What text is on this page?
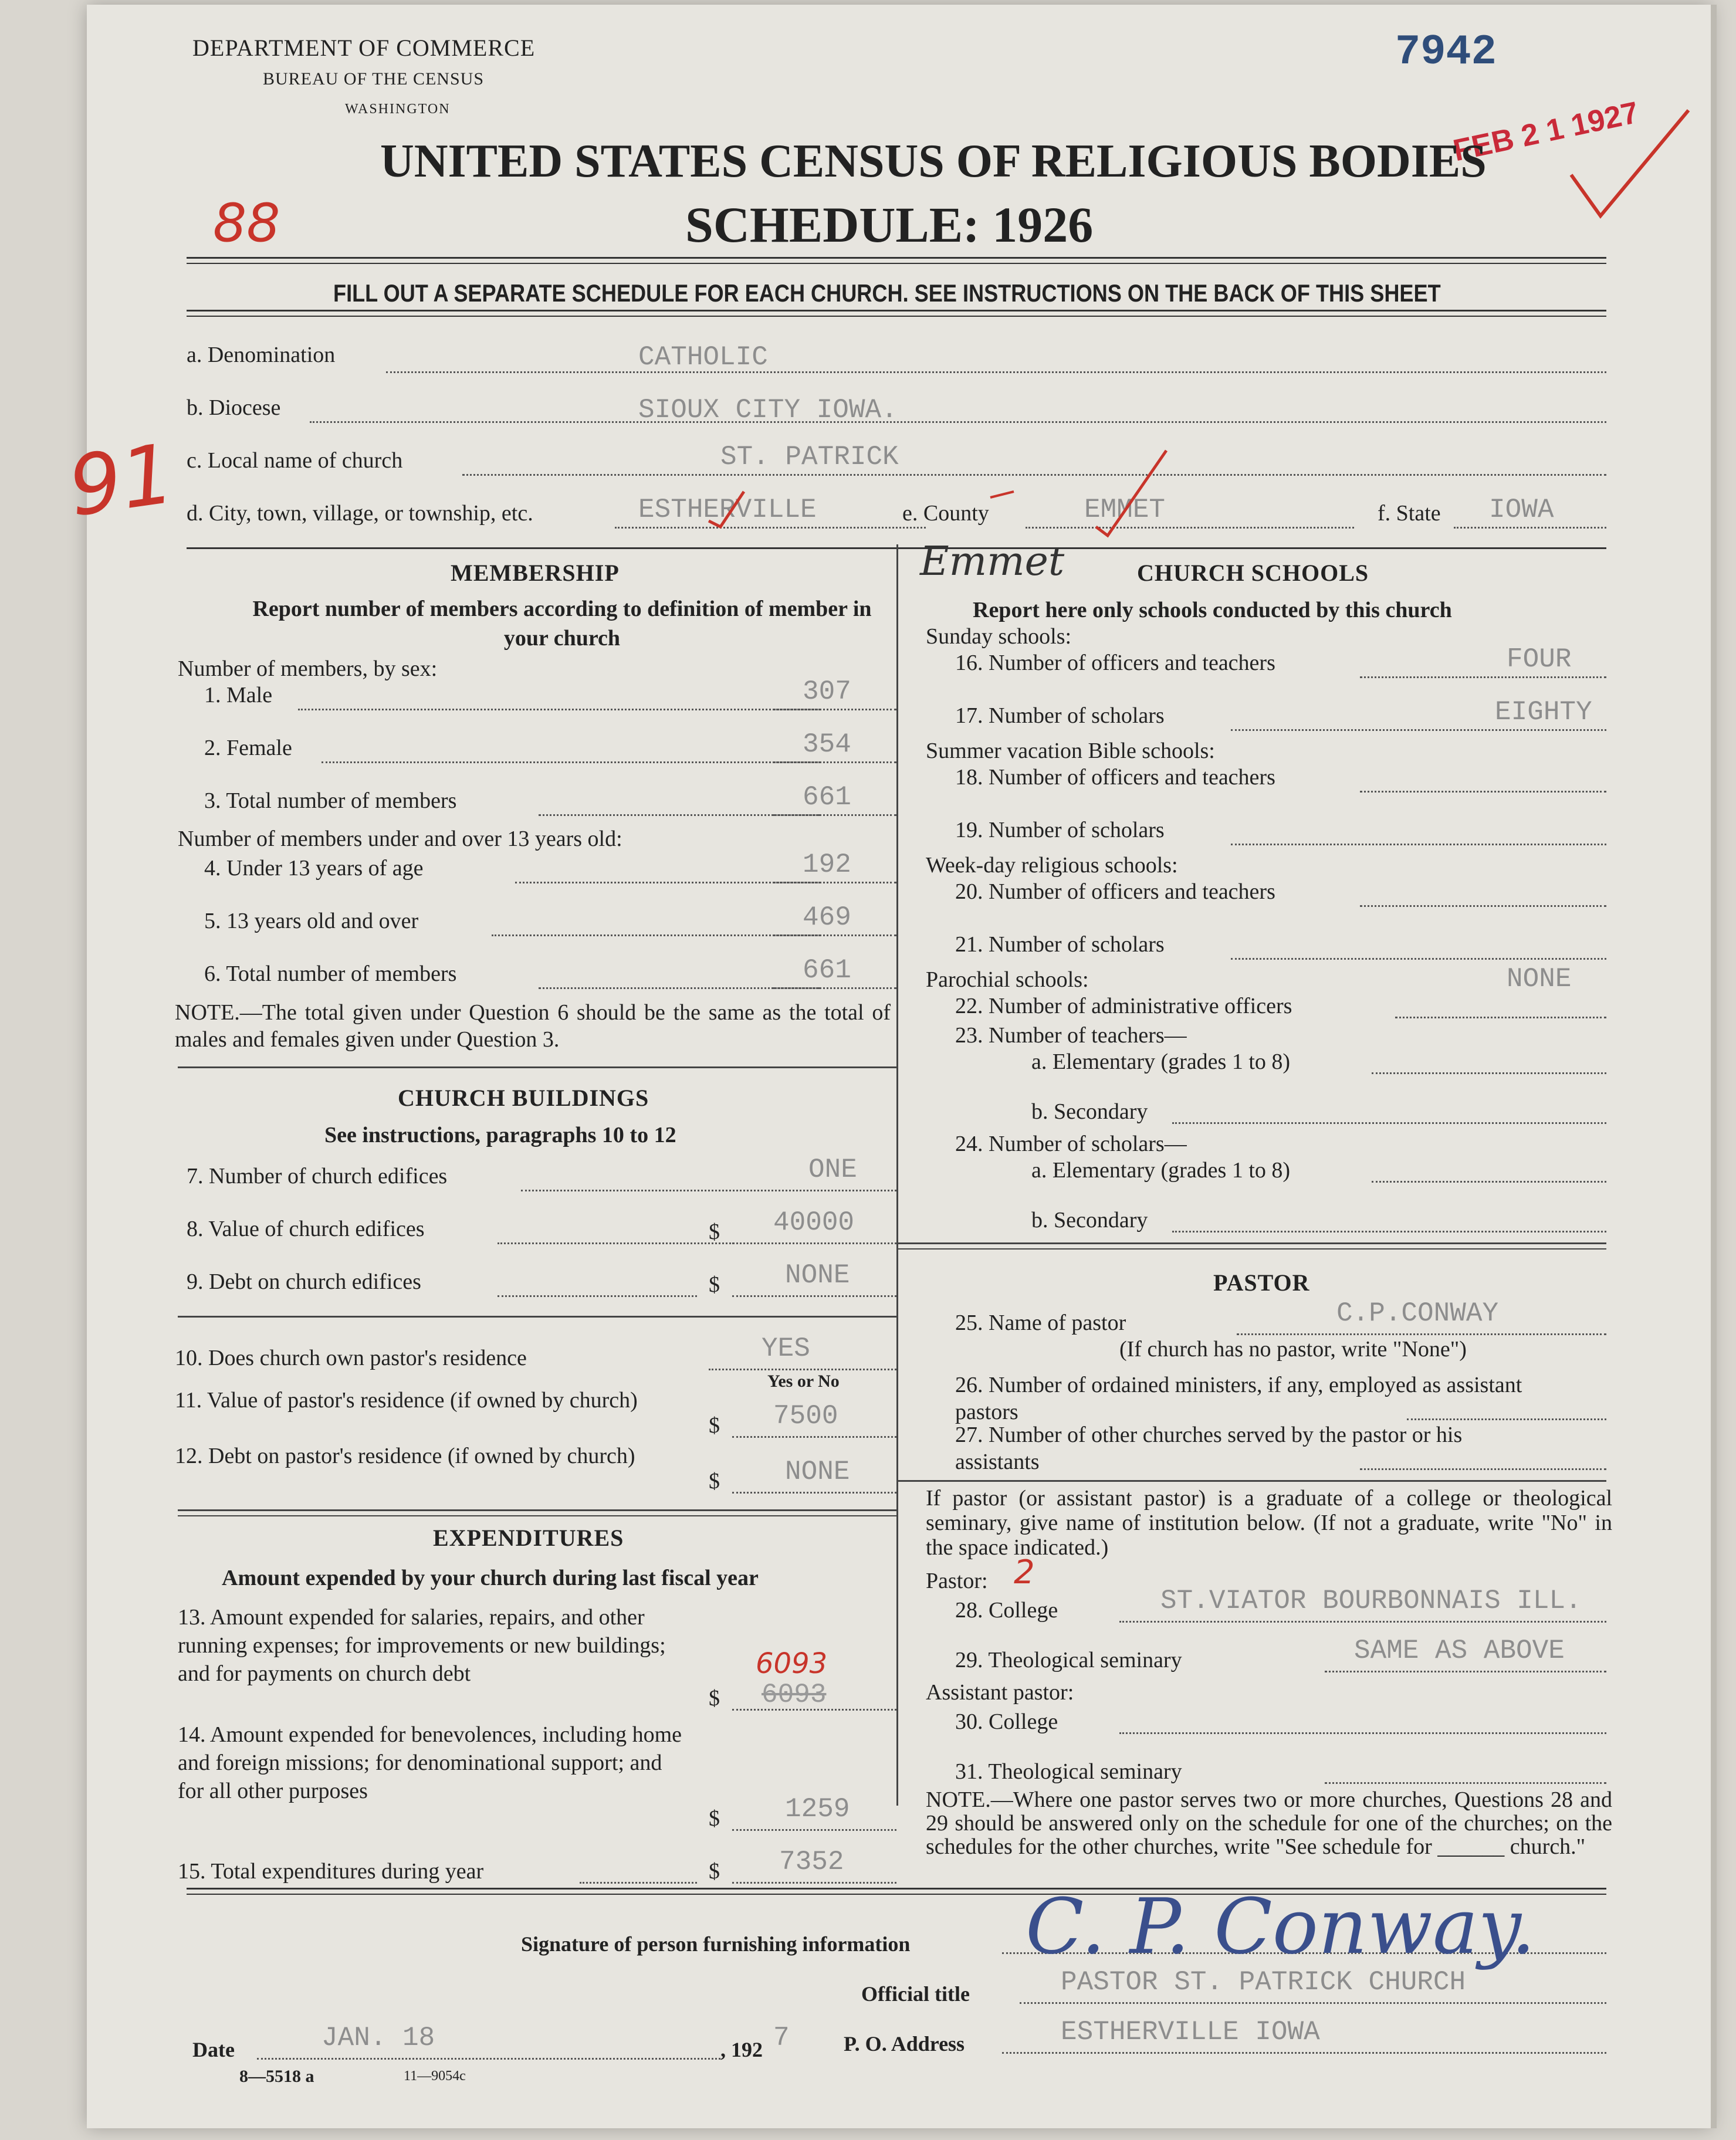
DEPARTMENT OF COMMERCE
BUREAU OF THE CENSUS
WASHINGTON
7942
FEB 2 1 1927
UNITED STATES CENSUS OF RELIGIOUS BODIES
SCHEDULE: 1926
88
91
FILL OUT A SEPARATE SCHEDULE FOR EACH CHURCH. SEE INSTRUCTIONS ON THE BACK OF THIS SHEET
a. Denomination	CATHOLIC
b. Diocese	SIOUX CITY IOWA.
c. Local name of church	ST. PATRICK
d. City, town, village, or township, etc.	ESTHERVILLE	e. County	EMMET	f. State IOWA
Emmet
MEMBERSHIP
Report number of members according to definition of member in your church
Number of members, by sex:
1. Male	307
2. Female	354
3. Total number of members	661
Number of members under and over 13 years old:
4. Under 13 years of age	192
5. 13 years old and over	469
6. Total number of members	661
NOTE.—The total given under Question 6 should be the same as the total of males and females given under Question 3.
CHURCH BUILDINGS
See instructions, paragraphs 10 to 12
7. Number of church edifices	ONE
8. Value of church edifices	$ 40000
9. Debt on church edifices	$ NONE
10. Does church own pastor's residence	YES
Yes or No
11. Value of pastor's residence (if owned by church)
$ 7500
12. Debt on pastor's residence (if owned by church)
$ NONE
EXPENDITURES
Amount expended by your church during last fiscal year
13. Amount expended for salaries, repairs, and other running expenses; for improvements or new buildings; and for payments on church debt
$ 6093
6093
14. Amount expended for benevolences, including home and foreign missions; for denominational support; and for all other purposes
$ 1259
15. Total expenditures during year	$ 7352
CHURCH SCHOOLS
Report here only schools conducted by this church
Sunday schools:
16. Number of officers and teachers	FOUR
17. Number of scholars	EIGHTY
Summer vacation Bible schools:
18. Number of officers and teachers
19. Number of scholars
Week-day religious schools:
20. Number of officers and teachers
21. Number of scholars
Parochial schools:	NONE
22. Number of administrative officers
23. Number of teachers—
a. Elementary (grades 1 to 8)
b. Secondary
24. Number of scholars—
a. Elementary (grades 1 to 8)
b. Secondary
PASTOR
25. Name of pastor	C.P.CONWAY
(If church has no pastor, write "None")
26. Number of ordained ministers, if any, employed as assistant pastors
27. Number of other churches served by the pastor or his assistants
If pastor (or assistant pastor) is a graduate of a college or theological seminary, give name of institution below. (If not a graduate, write "No" in the space indicated.)
Pastor: 2
28. College	ST.VIATOR BOURBONNAIS ILL.
29. Theological seminary	SAME AS ABOVE
Assistant pastor:
30. College
31. Theological seminary
NOTE.—Where one pastor serves two or more churches, Questions 28 and 29 should be answered only on the schedule for one of the churches; on the schedules for the other churches, write "See schedule for ______ church."
Signature of person furnishing information C. P. Conway.
Official title	PASTOR ST. PATRICK CHURCH
P. O. Address	ESTHERVILLE IOWA
Date	JAN. 18	, 192 7
8—5518 a	11—9054c
